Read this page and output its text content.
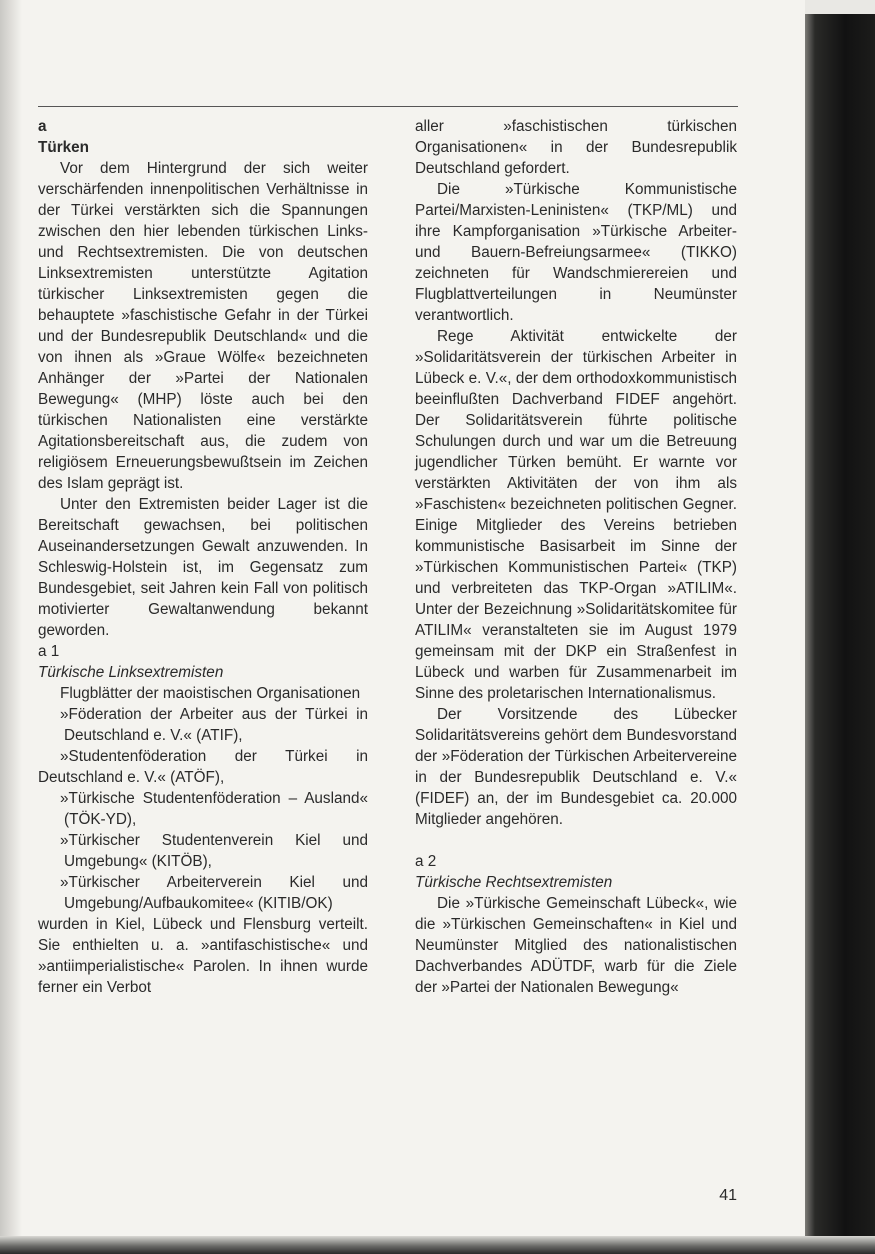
a

Türken

Vor dem Hintergrund der sich weiter verschärfenden innenpolitischen Verhältnisse in der Türkei verstärkten sich die Spannungen zwischen den hier lebenden türkischen Links- und Rechtsextremisten. Die von deutschen Linksextremisten unterstützte Agitation türkischer Linksextremisten gegen die behauptete »faschistische Gefahr in der Türkei und der Bundesrepublik Deutschland« und die von ihnen als »Graue Wölfe« bezeichneten Anhänger der »Partei der Nationalen Bewegung« (MHP) löste auch bei den türkischen Nationalisten eine verstärkte Agitationsbereitschaft aus, die zudem von religiösem Erneuerungsbewußtsein im Zeichen des Islam geprägt ist.

Unter den Extremisten beider Lager ist die Bereitschaft gewachsen, bei politischen Auseinandersetzungen Gewalt anzuwenden. In Schleswig-Holstein ist, im Gegensatz zum Bundesgebiet, seit Jahren kein Fall von politisch motivierter Gewaltanwendung bekannt geworden.

a 1

Türkische Linksextremisten

Flugblätter der maoistischen Organisationen

»Föderation der Arbeiter aus der Türkei in Deutschland e. V.« (ATIF),

»Studentenföderation der Türkei in Deutschland e. V.« (ATÖF),

»Türkische Studentenföderation – Ausland« (TÖK-YD),

»Türkischer Studentenverein Kiel und Umgebung« (KITÖB),

»Türkischer Arbeiterverein Kiel und Umgebung/Aufbaukomitee« (KITIB/OK)

wurden in Kiel, Lübeck und Flensburg verteilt. Sie enthielten u. a. »antifaschistische« und »antiimperialistische« Parolen. In ihnen wurde ferner ein Verbot

aller »faschistischen türkischen Organisationen« in der Bundesrepublik Deutschland gefordert.

Die »Türkische Kommunistische Partei/Marxisten-Leninisten« (TKP/ML) und ihre Kampforganisation »Türkische Arbeiter- und Bauern-Befreiungsarmee« (TIKKO) zeichneten für Wandschmierereien und Flugblattverteilungen in Neumünster verantwortlich.

Rege Aktivität entwickelte der »Solidaritätsverein der türkischen Arbeiter in Lübeck e. V.«, der dem orthodoxkommunistisch beeinflußten Dachverband FIDEF angehört. Der Solidaritätsverein führte politische Schulungen durch und war um die Betreuung jugendlicher Türken bemüht. Er warnte vor verstärkten Aktivitäten der von ihm als »Faschisten« bezeichneten politischen Gegner. Einige Mitglieder des Vereins betrieben kommunistische Basisarbeit im Sinne der »Türkischen Kommunistischen Partei« (TKP) und verbreiteten das TKP-Organ »ATILIM«. Unter der Bezeichnung »Solidaritätskomitee für ATILIM« veranstalteten sie im August 1979 gemeinsam mit der DKP ein Straßenfest in Lübeck und warben für Zusammenarbeit im Sinne des proletarischen Internationalismus.

Der Vorsitzende des Lübecker Solidaritätsvereins gehört dem Bundesvorstand der »Föderation der Türkischen Arbeitervereine in der Bundesrepublik Deutschland e. V.« (FIDEF) an, der im Bundesgebiet ca. 20.000 Mitglieder angehören.

a 2

Türkische Rechtsextremisten

Die »Türkische Gemeinschaft Lübeck«, wie die »Türkischen Gemeinschaften« in Kiel und Neumünster Mitglied des nationalistischen Dachverbandes ADÜTDF, warb für die Ziele der »Partei der Nationalen Bewegung«

41
